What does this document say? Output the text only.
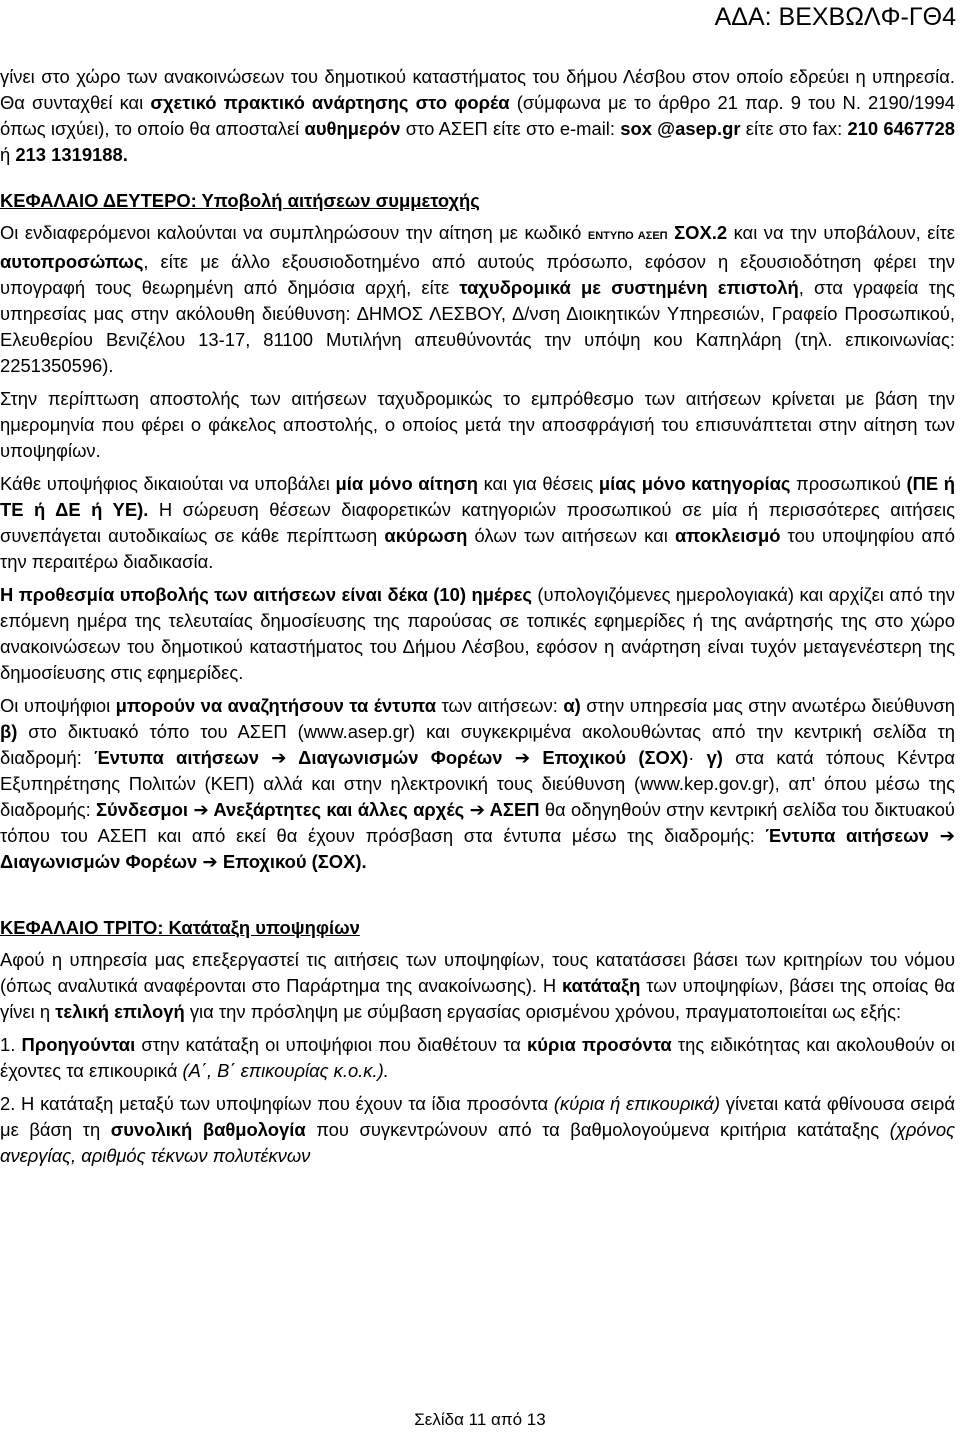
ΑΔΑ: ΒΕΧΒΩΛΦ-ΓΘ4

γίνει στο χώρο των ανακοινώσεων του δημοτικού καταστήματος του δήμου Λέσβου στον οποίο εδρεύει η υπηρεσία. Θα συνταχθεί και σχετικό πρακτικό ανάρτησης στο φορέα (σύμφωνα με το άρθρο 21 παρ. 9 του Ν. 2190/1994 όπως ισχύει), το οποίο θα αποσταλεί αυθημερόν στο ΑΣΕΠ είτε στο e-mail: sox @asep.gr είτε στο fax: 210 6467728 ή 213 1319188.

ΚΕΦΑΛΑΙΟ ΔΕΥΤΕΡΟ: Υποβολή αιτήσεων συμμετοχής

Οι ενδιαφερόμενοι καλούνται να συμπληρώσουν την αίτηση με κωδικό ΕΝΤΥΠΟ ΑΣΕΠ ΣΟΧ.2 και να την υποβάλουν, είτε αυτοπροσώπως, είτε με άλλο εξουσιοδοτημένο από αυτούς πρόσωπο, εφόσον η εξουσιοδότηση φέρει την υπογραφή τους θεωρημένη από δημόσια αρχή, είτε ταχυδρομικά με συστημένη επιστολή, στα γραφεία της υπηρεσίας μας στην ακόλουθη διεύθυνση: ΔΗΜΟΣ ΛΕΣΒΟΥ, Δ/νση Διοικητικών Υπηρεσιών, Γραφείο Προσωπικού, Ελευθερίου Βενιζέλου 13-17, 81100 Μυτιλήνη απευθύνοντάς την υπόψη κου Καπηλάρη (τηλ. επικοινωνίας: 2251350596).

Στην περίπτωση αποστολής των αιτήσεων ταχυδρομικώς το εμπρόθεσμο των αιτήσεων κρίνεται με βάση την ημερομηνία που φέρει ο φάκελος αποστολής, ο οποίος μετά την αποσφράγισή του επισυνάπτεται στην αίτηση των υποψηφίων.

Κάθε υποψήφιος δικαιούται να υποβάλει μία μόνο αίτηση και για θέσεις μίας μόνο κατηγορίας προσωπικού (ΠΕ ή ΤΕ ή ΔΕ ή ΥΕ). Η σώρευση θέσεων διαφορετικών κατηγοριών προσωπικού σε μία ή περισσότερες αιτήσεις συνεπάγεται αυτοδικαίως σε κάθε περίπτωση ακύρωση όλων των αιτήσεων και αποκλεισμό του υποψηφίου από την περαιτέρω διαδικασία.

Η προθεσμία υποβολής των αιτήσεων είναι δέκα (10) ημέρες (υπολογιζόμενες ημερολογιακά) και αρχίζει από την επόμενη ημέρα της τελευταίας δημοσίευσης της παρούσας σε τοπικές εφημερίδες ή της ανάρτησής της στο χώρο ανακοινώσεων του δημοτικού καταστήματος του Δήμου Λέσβου, εφόσον η ανάρτηση είναι τυχόν μεταγενέστερη της δημοσίευσης στις εφημερίδες.

Οι υποψήφιοι μπορούν να αναζητήσουν τα έντυπα των αιτήσεων: α) στην υπηρεσία μας στην ανωτέρω διεύθυνση β) στο δικτυακό τόπο του ΑΣΕΠ (www.asep.gr) και συγκεκριμένα ακολουθώντας από την κεντρική σελίδα τη διαδρομή: Έντυπα αιτήσεων ➔ Διαγωνισμών Φορέων ➔ Εποχικού (ΣΟΧ)· γ) στα κατά τόπους Κέντρα Εξυπηρέτησης Πολιτών (ΚΕΠ) αλλά και στην ηλεκτρονική τους διεύθυνση (www.kep.gov.gr), απ' όπου μέσω της διαδρομής: Σύνδεσμοι ➔ Ανεξάρτητες και άλλες αρχές ➔ ΑΣΕΠ θα οδηγηθούν στην κεντρική σελίδα του δικτυακού τόπου του ΑΣΕΠ και από εκεί θα έχουν πρόσβαση στα έντυπα μέσω της διαδρομής: Έντυπα αιτήσεων ➔ Διαγωνισμών Φορέων ➔ Εποχικού (ΣΟΧ).

ΚΕΦΑΛΑΙΟ ΤΡΙΤΟ: Κατάταξη υποψηφίων

Αφού η υπηρεσία μας επεξεργαστεί τις αιτήσεις των υποψηφίων, τους κατατάσσει βάσει των κριτηρίων του νόμου (όπως αναλυτικά αναφέρονται στο Παράρτημα της ανακοίνωσης). Η κατάταξη των υποψηφίων, βάσει της οποίας θα γίνει η τελική επιλογή για την πρόσληψη με σύμβαση εργασίας ορισμένου χρόνου, πραγματοποιείται ως εξής:

1. Προηγούνται στην κατάταξη οι υποψήφιοι που διαθέτουν τα κύρια προσόντα της ειδικότητας και ακολουθούν οι έχοντες τα επικουρικά (Α΄, Β΄ επικουρίας κ.ο.κ.).

2. Η κατάταξη μεταξύ των υποψηφίων που έχουν τα ίδια προσόντα (κύρια ή επικουρικά) γίνεται κατά φθίνουσα σειρά με βάση τη συνολική βαθμολογία που συγκεντρώνουν από τα βαθμολογούμενα κριτήρια κατάταξης (χρόνος ανεργίας, αριθμός τέκνων πολυτέκνων

Σελίδα 11 από 13
